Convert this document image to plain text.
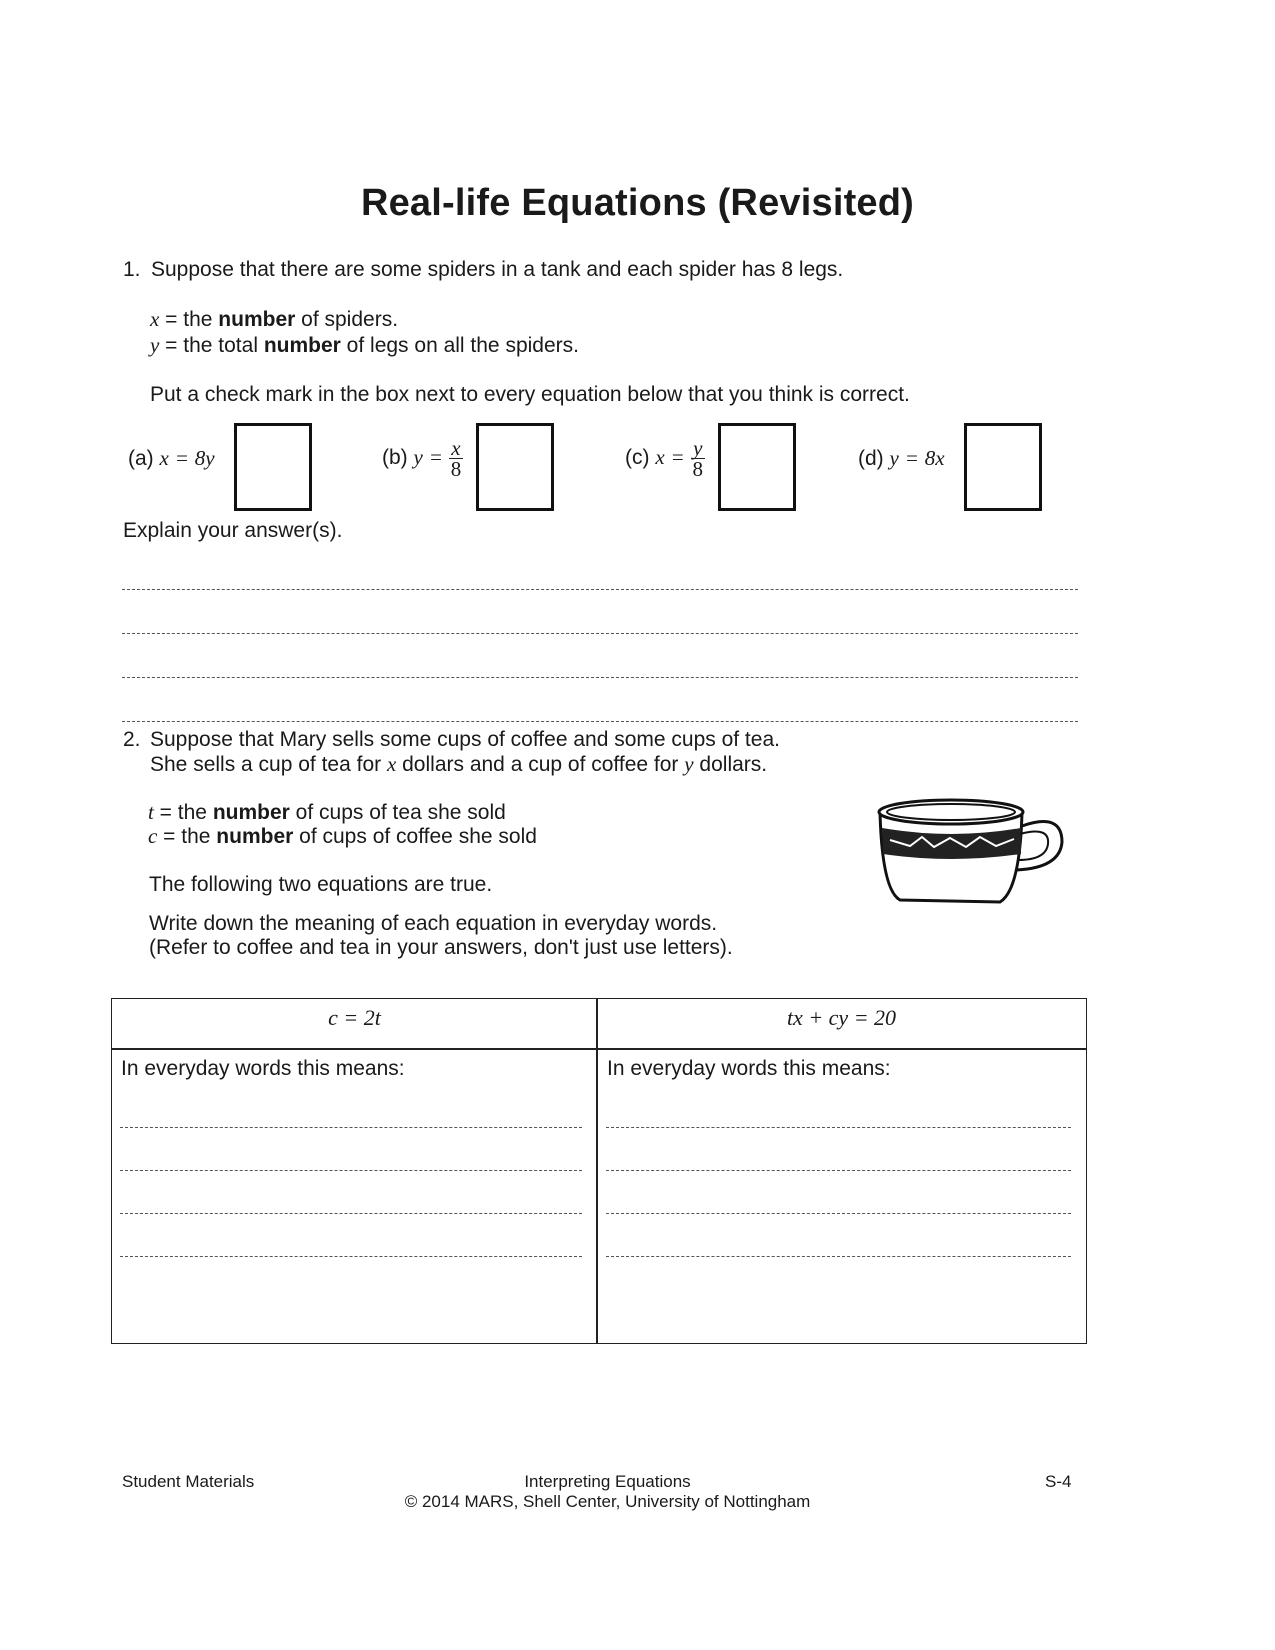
Real-life Equations (Revisited)
1. Suppose that there are some spiders in a tank and each spider has 8 legs.
x = the number of spiders.
y = the total number of legs on all the spiders.
Put a check mark in the box next to every equation below that you think is correct.
(a) x = 8y	(b) $y = \frac{x}{8}$	(c) $x = \frac{y}{8}$	(d) y = 8x
Explain your answer(s).
2. Suppose that Mary sells some cups of coffee and some cups of tea.
She sells a cup of tea for x dollars and a cup of coffee for y dollars.
t = the number of cups of tea she sold
c = the number of cups of coffee she sold
The following two equations are true.
Write down the meaning of each equation in everyday words.
(Refer to coffee and tea in your answers, don't just use letters).
c = 2t	tx + cy = 20
In everyday words this means:	In everyday words this means:
Student Materials	Interpreting Equations
© 2014 MARS, Shell Center, University of Nottingham
S-4
